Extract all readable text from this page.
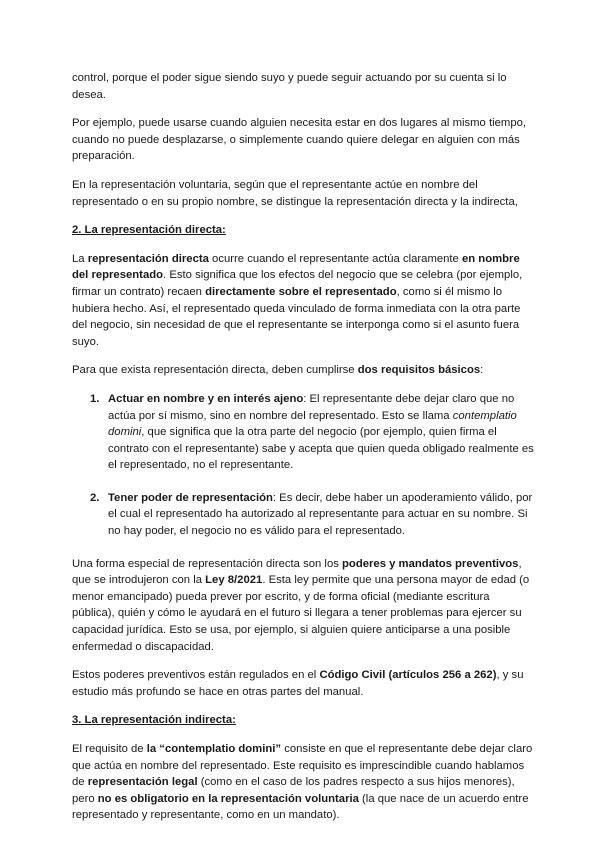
control, porque el poder sigue siendo suyo y puede seguir actuando por su cuenta si lo desea.

Por ejemplo, puede usarse cuando alguien necesita estar en dos lugares al mismo tiempo, cuando no puede desplazarse, o simplemente cuando quiere delegar en alguien con más preparación.

En la representación voluntaria, según que el representante actúe en nombre del representado o en su propio nombre, se distingue la representación directa y la indirecta,

2. La representación directa:

La representación directa ocurre cuando el representante actúa claramente en nombre del representado. Esto significa que los efectos del negocio que se celebra (por ejemplo, firmar un contrato) recaen directamente sobre el representado, como si él mismo lo hubiera hecho. Así, el representado queda vinculado de forma inmediata con la otra parte del negocio, sin necesidad de que el representante se interponga como si el asunto fuera suyo.

Para que exista representación directa, deben cumplirse dos requisitos básicos:

1. Actuar en nombre y en interés ajeno: El representante debe dejar claro que no actúa por sí mismo, sino en nombre del representado. Esto se llama contemplatio domini, que significa que la otra parte del negocio (por ejemplo, quien firma el contrato con el representante) sabe y acepta que quien queda obligado realmente es el representado, no el representante.
2. Tener poder de representación: Es decir, debe haber un apoderamiento válido, por el cual el representado ha autorizado al representante para actuar en su nombre. Si no hay poder, el negocio no es válido para el representado.

Una forma especial de representación directa son los poderes y mandatos preventivos, que se introdujeron con la Ley 8/2021. Esta ley permite que una persona mayor de edad (o menor emancipado) pueda prever por escrito, y de forma oficial (mediante escritura pública), quién y cómo le ayudará en el futuro si llegara a tener problemas para ejercer su capacidad jurídica. Esto se usa, por ejemplo, si alguien quiere anticiparse a una posible enfermedad o discapacidad.

Estos poderes preventivos están regulados en el Código Civil (artículos 256 a 262), y su estudio más profundo se hace en otras partes del manual.

3. La representación indirecta:

El requisito de la “contemplatio domini” consiste en que el representante debe dejar claro que actúa en nombre del representado. Este requisito es imprescindible cuando hablamos de representación legal (como en el caso de los padres respecto a sus hijos menores), pero no es obligatorio en la representación voluntaria (la que nace de un acuerdo entre representado y representante, como en un mandato).
